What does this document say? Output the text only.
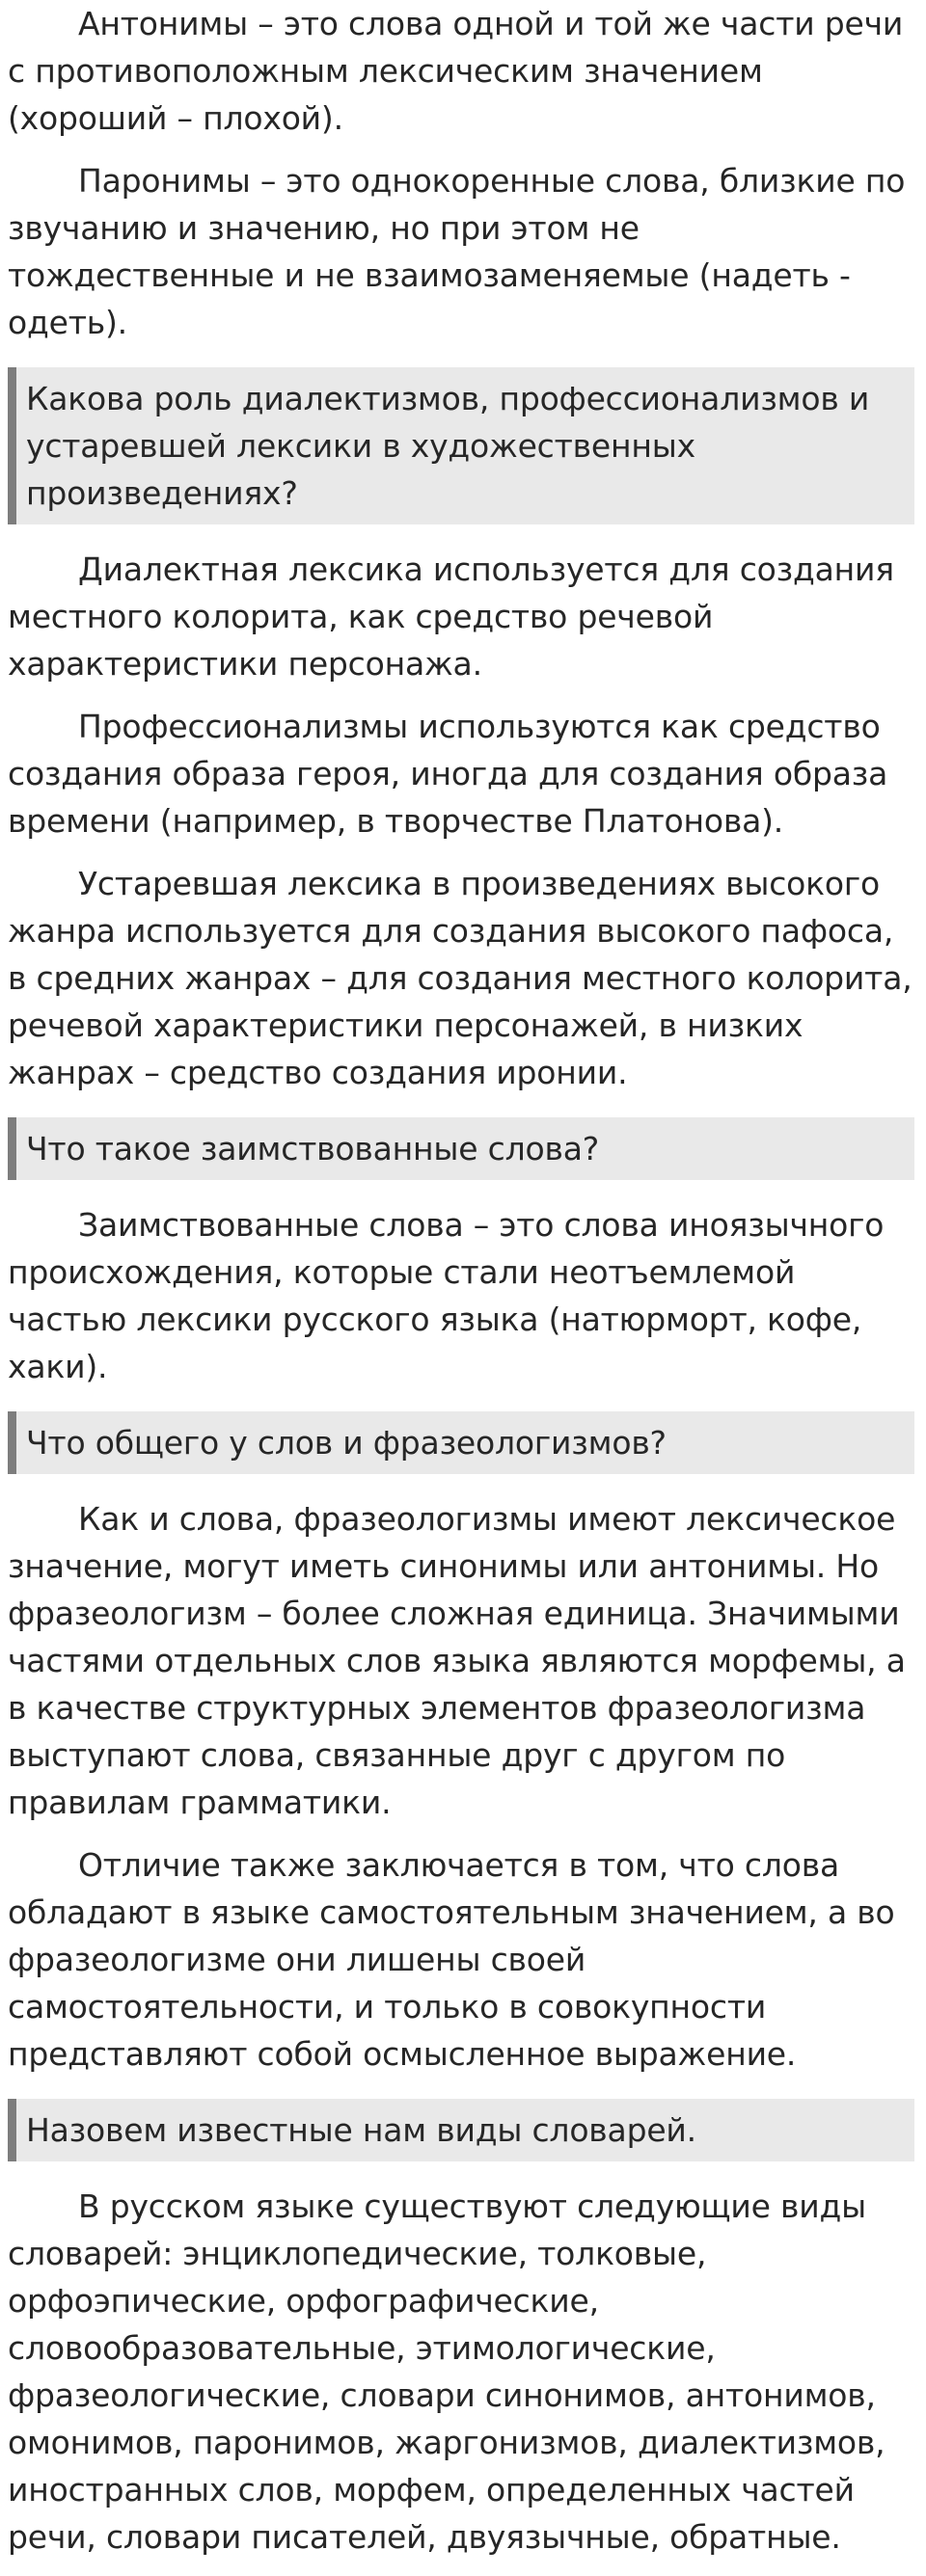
Антонимы – это слова одной и той же части речи с противоположным лексическим значением (хороший – плохой).

Паронимы – это однокоренные слова, близкие по звучанию и значению, но при этом не тождественные и не взаимозаменяемые (надеть - одеть).

Какова роль диалектизмов, профессионализмов и устаревшей лексики в художественных произведениях?

Диалектная лексика используется для создания местного колорита, как средство речевой характеристики персонажа.

Профессионализмы используются как средство создания образа героя, иногда для создания образа времени (например, в творчестве Платонова).

Устаревшая лексика в произведениях высокого жанра используется для создания высокого пафоса, в средних жанрах – для создания местного колорита, речевой характеристики персонажей, в низких жанрах – средство создания иронии.

Что такое заимствованные слова?

Заимствованные слова – это слова иноязычного происхождения, которые стали неотъемлемой частью лексики русского языка (натюрморт, кофе, хаки).

Что общего у слов и фразеологизмов?

Как и слова, фразеологизмы имеют лексическое значение, могут иметь синонимы или антонимы. Но фразеологизм – более сложная единица. Значимыми частями отдельных слов языка являются морфемы, а в качестве структурных элементов фразеологизма выступают слова, связанные друг с другом по правилам грамматики.

Отличие также заключается в том, что слова обладают в языке самостоятельным значением, а во фразеологизме они лишены своей самостоятельности, и только в совокупности представляют собой осмысленное выражение.

Назовем известные нам виды словарей.

В русском языке существуют следующие виды словарей: энциклопедические, толковые, орфоэпические, орфографические, словообразовательные, этимологические, фразеологические, словари синонимов, антонимов, омонимов, паронимов, жаргонизмов, диалектизмов, иностранных слов, морфем, определенных частей речи, словари писателей, двуязычные, обратные.
